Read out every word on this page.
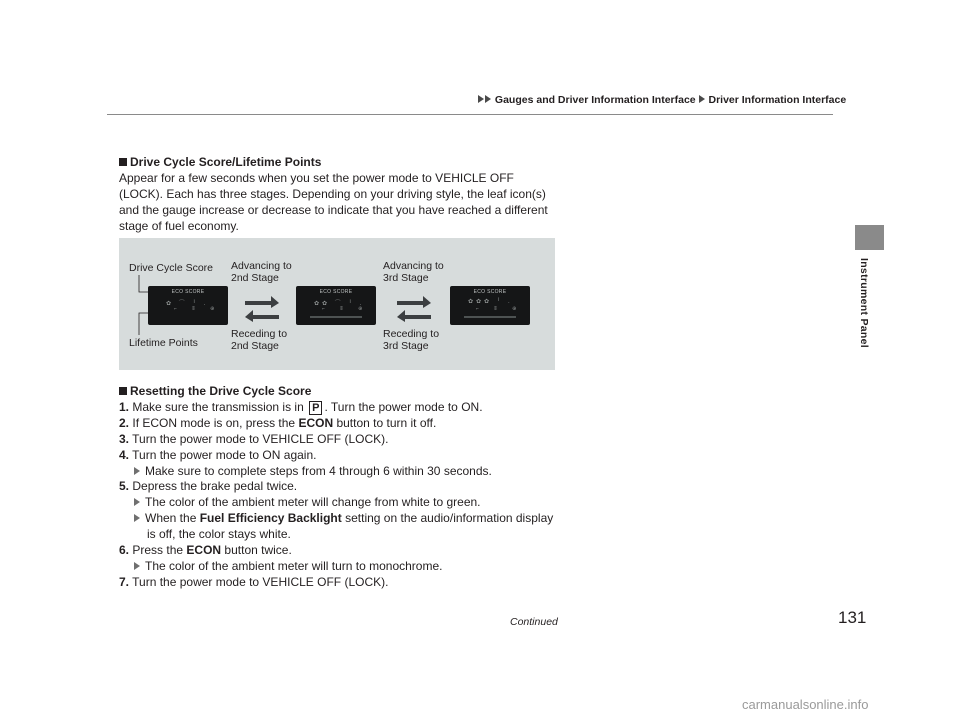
Gauges and Driver Information Interface Driver Information Interface
Instrument Panel
Drive Cycle Score/Lifetime Points

Appear for a few seconds when you set the power mode to VEHICLE OFF (LOCK). Each has three stages. Depending on your driving style, the leaf icon(s) and the gauge increase or decrease to indicate that you have reached a different stage of fuel economy.

Drive Cycle Score
Lifetime Points
ECO SCORE
✿ ⌒ ╵ .
⌐ ʬ ⊕
Advancing to
2nd Stage
Receding to
2nd Stage
ECO SCORE
✿✿ ⌒ ╵ .
⌐ ʬ ⊕
Advancing to
3rd Stage
Receding to
3rd Stage
ECO SCORE
✿✿✿ ╵ .
⌐ ʬ ⊕
Resetting the Drive Cycle Score
1. Make sure the transmission is in P . Turn the power mode to ON.
2. If ECON mode is on, press the ECON button to turn it off.
3. Turn the power mode to VEHICLE OFF (LOCK).
4. Turn the power mode to ON again.
Make sure to complete steps from 4 through 6 within 30 seconds.
5. Depress the brake pedal twice.
The color of the ambient meter will change from white to green.
When the Fuel Efficiency Backlight setting on the audio/information display
is off, the color stays white.
6. Press the ECON button twice.
The color of the ambient meter will turn to monochrome.
7. Turn the power mode to VEHICLE OFF (LOCK).
Continued	131
carmanualsonline.info
